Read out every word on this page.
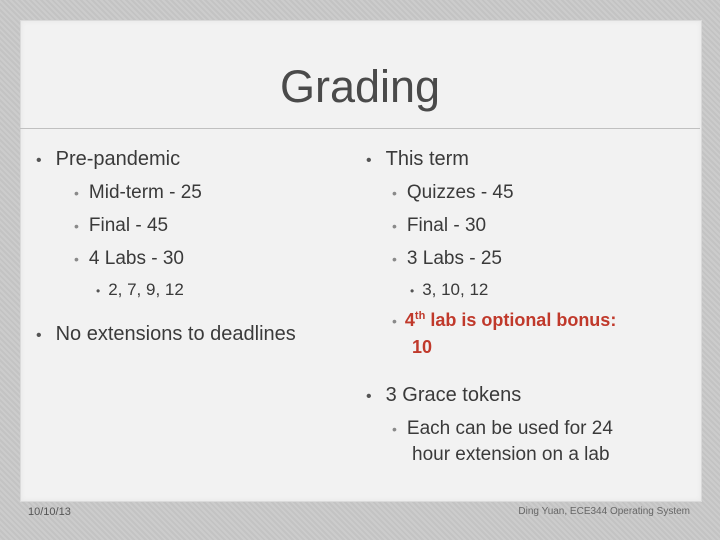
Grading
• Pre-pandemic
• Mid-term - 25
• Final - 45
• 4 Labs - 30
• 2, 7, 9, 12
• No extensions to deadlines
• This term
• Quizzes - 45
• Final - 30
• 3 Labs - 25
• 3, 10, 12
• 4th lab is optional bonus:
10
• 3 Grace tokens
• Each can be used for 24
hour extension on a lab
10/10/13	Ding Yuan, ECE344 Operating System
